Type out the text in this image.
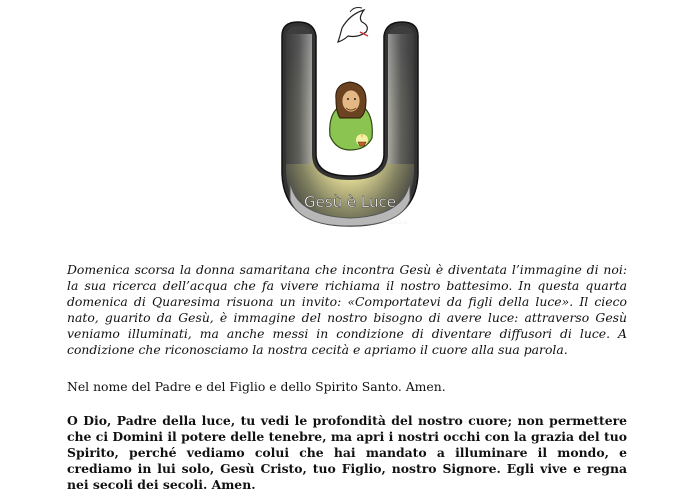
Gesù è Luce
Ga.A.2.20

Domenica scorsa la donna samaritana che incontra Gesù è diventata l’immagine di noi: la sua ricerca dell’acqua che fa vivere richiama il nostro battesimo. In questa quarta domenica di Quaresima risuona un invito: «Comportatevi da figli della luce». Il cieco nato, guarito da Gesù, è immagine del nostro bisogno di avere luce: attraverso Gesù veniamo illuminati, ma anche messi in condizione di diventare diffusori di luce. A condizione che riconosciamo la nostra cecità e apriamo il cuore alla sua parola.

Nel nome del Padre e del Figlio e dello Spirito Santo. Amen.

O Dio, Padre della luce, tu vedi le profondità del nostro cuore; non permettere che ci Domini il potere delle tenebre, ma apri i nostri occhi con la grazia del tuo Spirito, perché vediamo colui che hai mandato a illuminare il mondo, e crediamo in lui solo, Gesù Cristo, tuo Figlio, nostro Signore. Egli vive e regna nei secoli dei secoli. Amen.
